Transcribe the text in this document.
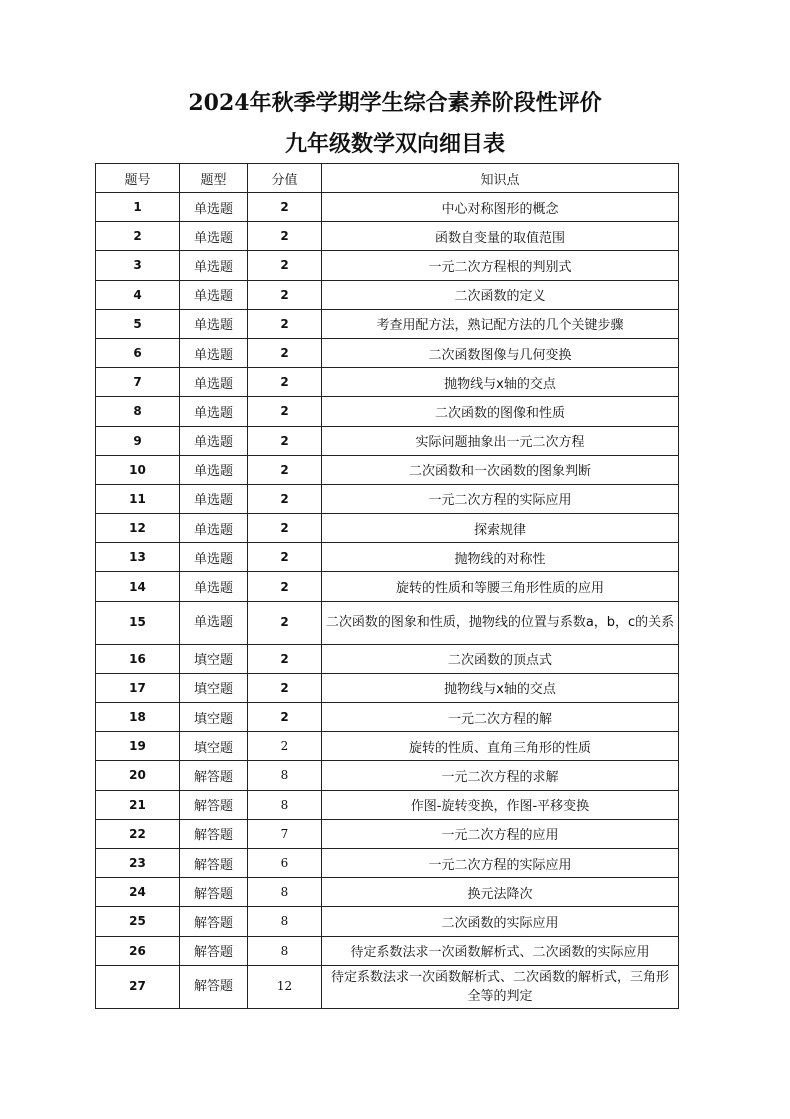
2024年秋季学期学生综合素养阶段性评价
九年级数学双向细目表
题号	题型	分值	知识点
1	单选题	2	中心对称图形的概念
2	单选题	2	函数自变量的取值范围
3	单选题	2	一元二次方程根的判别式
4	单选题	2	二次函数的定义
5	单选题	2	考查用配方法，熟记配方法的几个关键步骤
6	单选题	2	二次函数图像与几何变换
7	单选题	2	抛物线与x轴的交点
8	单选题	2	二次函数的图像和性质
9	单选题	2	实际问题抽象出一元二次方程
10	单选题	2	二次函数和一次函数的图象判断
11	单选题	2	一元二次方程的实际应用
12	单选题	2	探索规律
13	单选题	2	抛物线的对称性
14	单选题	2	旋转的性质和等腰三角形性质的应用
15	单选题	2	二次函数的图象和性质，抛物线的位置与系数a，b，c的关系
16	填空题	2	二次函数的顶点式
17	填空题	2	抛物线与x轴的交点
18	填空题	2	一元二次方程的解
19	填空题	2	旋转的性质、直角三角形的性质
20	解答题	8	一元二次方程的求解
21	解答题	8	作图-旋转变换，作图-平移变换
22	解答题	7	一元二次方程的应用
23	解答题	6	一元二次方程的实际应用
24	解答题	8	换元法降次
25	解答题	8	二次函数的实际应用
26	解答题	8	待定系数法求一次函数解析式、二次函数的实际应用
27	解答题	12	待定系数法求一次函数解析式、二次函数的解析式，三角形全等的判定
